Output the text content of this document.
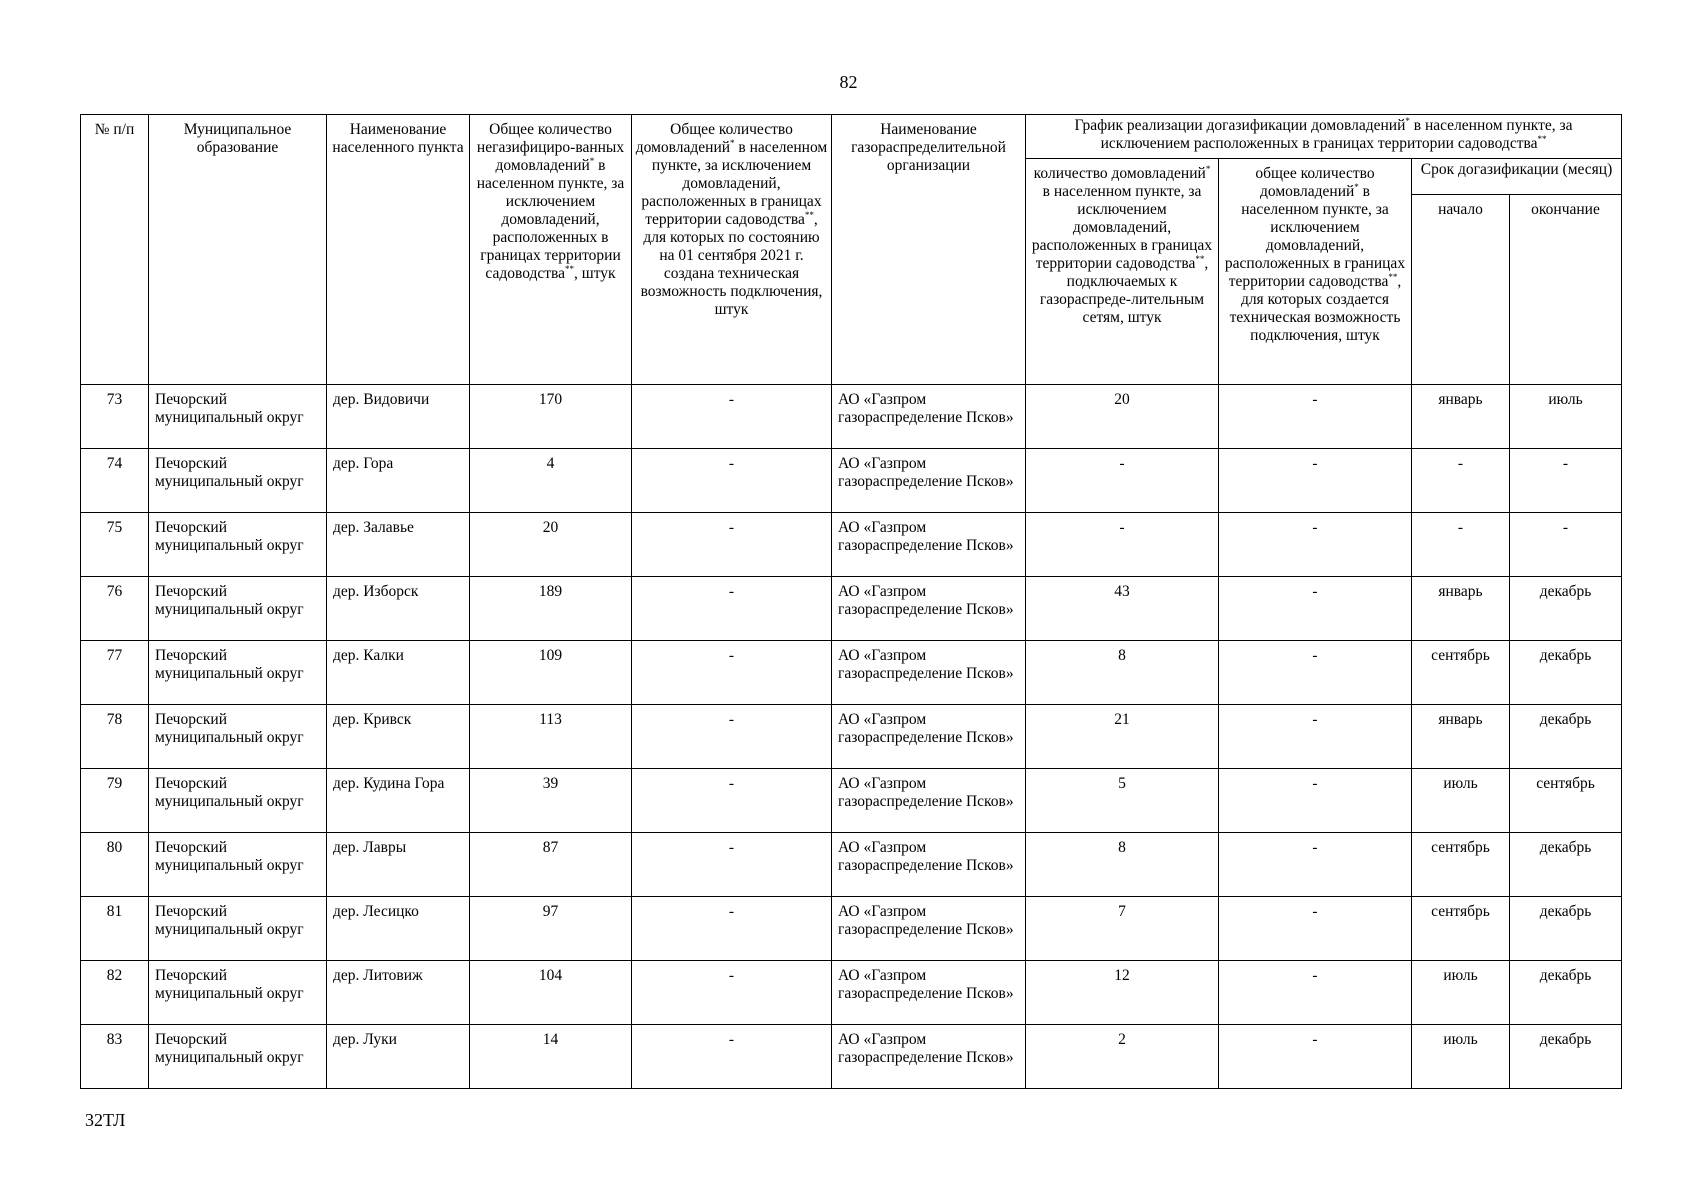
82
№ п/п	Муниципальное образование	Наименование населенного пункта	Общее количество негазифициро-ванных домовладений* в населенном пункте, за исключением домовладений, расположенных в границах территории садоводства**, штук	Общее количество домовладений* в населенном пункте, за исключением домовладений, расположенных в границах территории садоводства**, для которых по состоянию на 01 сентября 2021 г. создана техническая возможность подключения, штук	Наименование газораспределительной организации	График реализации догазификации домовладений* в населенном пункте, за исключением расположенных в границах территории садоводства**
						количество домовладений* в населенном пункте, за исключением домовладений, расположенных в границах территории садоводства**, подключаемых к газораспреде-лительным сетям, штук	общее количество домовладений* в населенном пункте, за исключением домовладений, расположенных в границах территории садоводства**, для которых создается техническая возможность подключения, штук	Срок догазификации (месяц)	
								начало	окончание
73	Печорский муниципальный округ	дер. Видовичи	170	-	АО «Газпром газораспределение Псков»	20	-	январь	июль
74	Печорский муниципальный округ	дер. Гора	4	-	АО «Газпром газораспределение Псков»	-	-	-	-
75	Печорский муниципальный округ	дер. Залавье	20	-	АО «Газпром газораспределение Псков»	-	-	-	-
76	Печорский муниципальный округ	дер. Изборск	189	-	АО «Газпром газораспределение Псков»	43	-	январь	декабрь
77	Печорский муниципальный округ	дер. Калки	109	-	АО «Газпром газораспределение Псков»	8	-	сентябрь	декабрь
78	Печорский муниципальный округ	дер. Кривск	113	-	АО «Газпром газораспределение Псков»	21	-	январь	декабрь
79	Печорский муниципальный округ	дер. Кудина Гора	39	-	АО «Газпром газораспределение Псков»	5	-	июль	сентябрь
80	Печорский муниципальный округ	дер. Лавры	87	-	АО «Газпром газораспределение Псков»	8	-	сентябрь	декабрь
81	Печорский муниципальный округ	дер. Лесицко	97	-	АО «Газпром газораспределение Псков»	7	-	сентябрь	декабрь
82	Печорский муниципальный округ	дер. Литовиж	104	-	АО «Газпром газораспределение Псков»	12	-	июль	декабрь
83	Печорский муниципальный округ	дер. Луки	14	-	АО «Газпром газораспределение Псков»	2	-	июль	декабрь
32ТЛ
